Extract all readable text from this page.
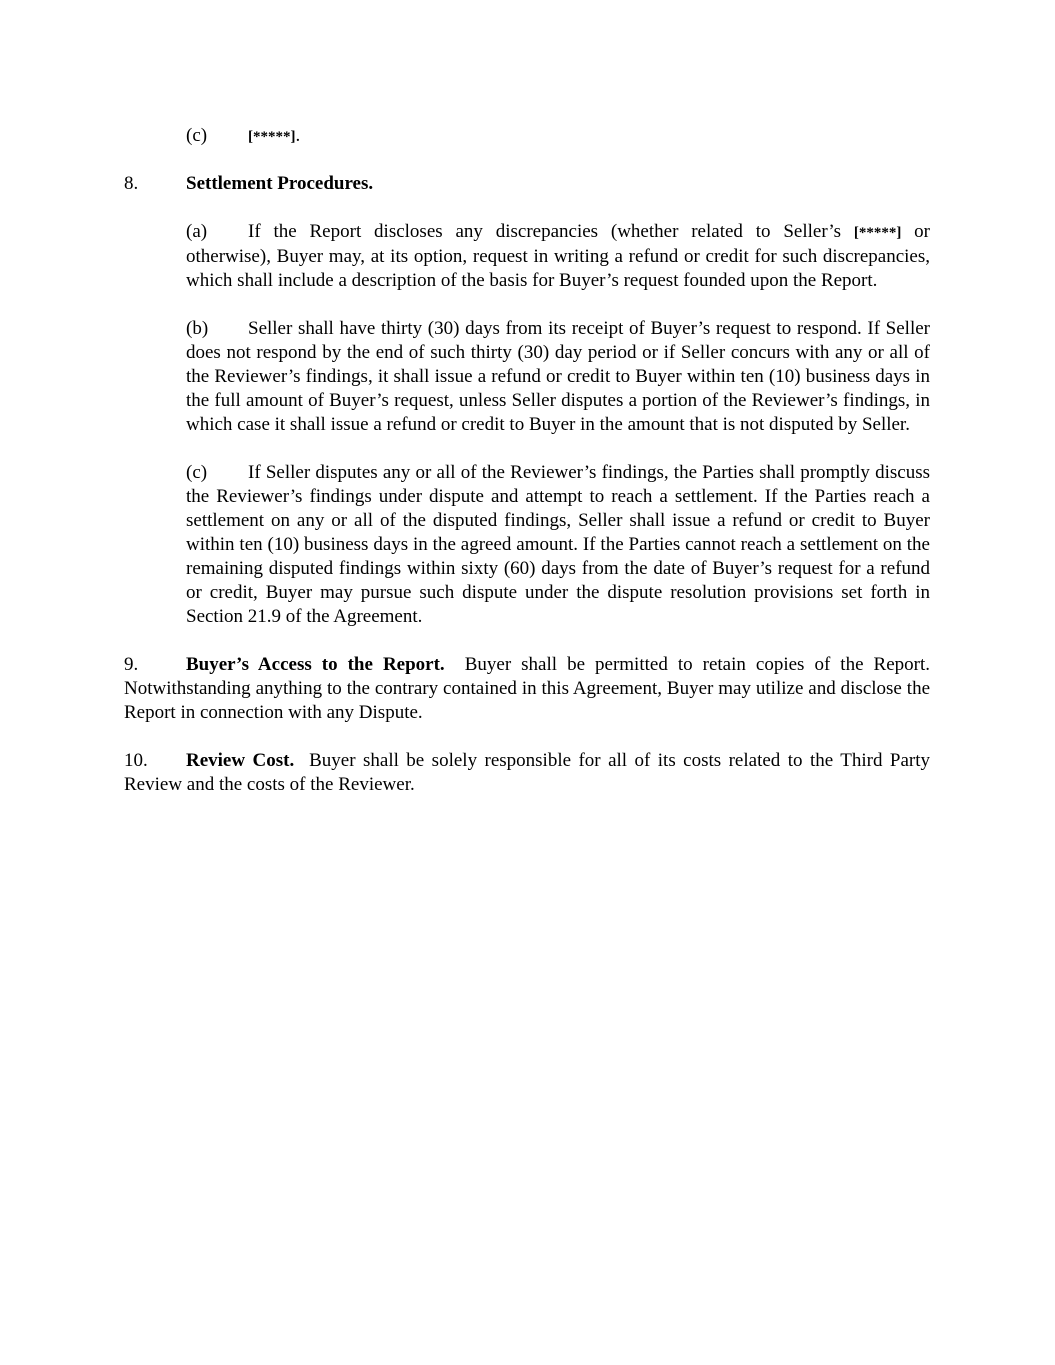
(c)	[*****].
8.	Settlement Procedures.
(a) If the Report discloses any discrepancies (whether related to Seller’s [*****] or otherwise), Buyer may, at its option, request in writing a refund or credit for such discrepancies, which shall include a description of the basis for Buyer’s request founded upon the Report.
(b) Seller shall have thirty (30) days from its receipt of Buyer’s request to respond. If Seller does not respond by the end of such thirty (30) day period or if Seller concurs with any or all of the Reviewer’s findings, it shall issue a refund or credit to Buyer within ten (10) business days in the full amount of Buyer’s request, unless Seller disputes a portion of the Reviewer’s findings, in which case it shall issue a refund or credit to Buyer in the amount that is not disputed by Seller.
(c) If Seller disputes any or all of the Reviewer’s findings, the Parties shall promptly discuss the Reviewer’s findings under dispute and attempt to reach a settlement. If the Parties reach a settlement on any or all of the disputed findings, Seller shall issue a refund or credit to Buyer within ten (10) business days in the agreed amount. If the Parties cannot reach a settlement on the remaining disputed findings within sixty (60) days from the date of Buyer’s request for a refund or credit, Buyer may pursue such dispute under the dispute resolution provisions set forth in Section 21.9 of the Agreement.
9.	Buyer’s Access to the Report.  Buyer shall be permitted to retain copies of the Report.  Notwithstanding anything to the contrary contained in this Agreement, Buyer may utilize and disclose the Report in connection with any Dispute.
10. Review Cost.  Buyer shall be solely responsible for all of its costs related to the Third Party Review and the costs of the Reviewer.
